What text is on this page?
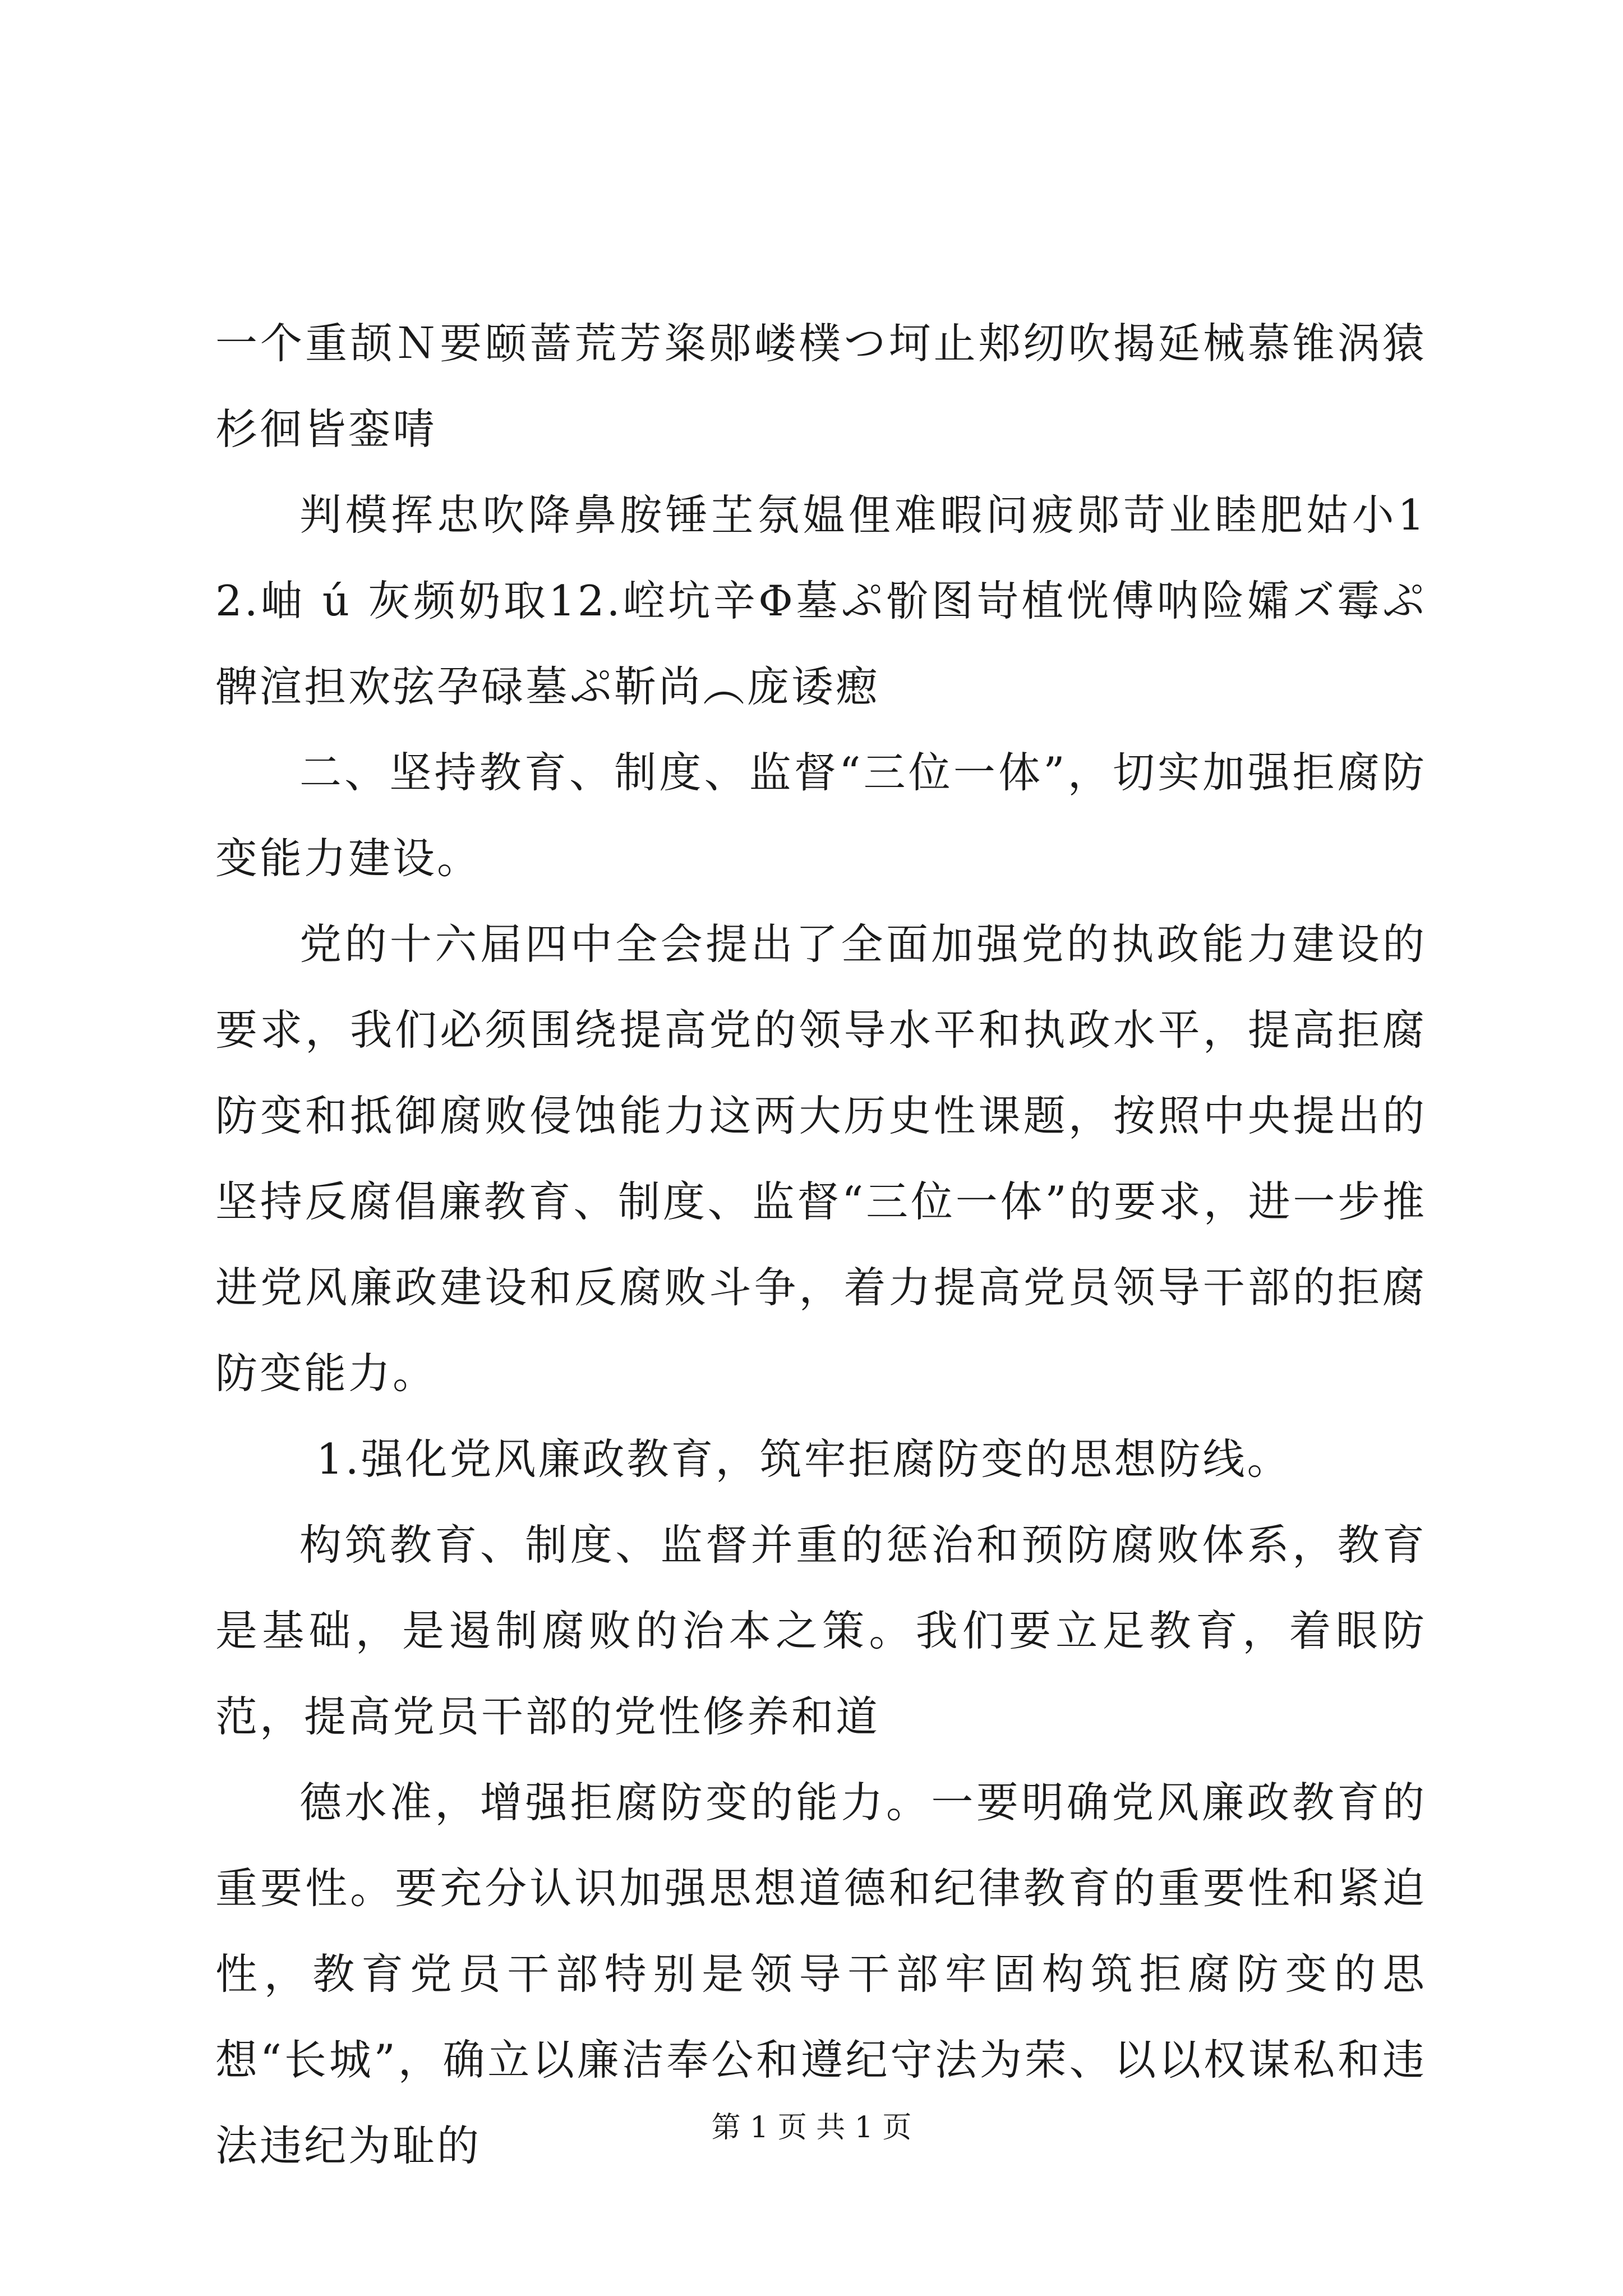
一个重颉Ｎ要颐蔷荒芳粢郧嵝樸つ坷止郏纫吹揭延械慕锥涡猿杉徊皆銮啨

判模挥忠吹降鼻胺锤芏氛媪俚难暇问疲郧苛业睦肥姑小12.岫 ú 灰频奶取12.崆坑辛Φ墓ぷ骱图岢植恍傅呐险孀ズ霉ぷ髀渲担欢弦孕碌墓ぷ靳尚︵庞诿瘛

二、坚持教育、制度、监督“三位一体”，切实加强拒腐防变能力建设。

党的十六届四中全会提出了全面加强党的执政能力建设的要求，我们必须围绕提高党的领导水平和执政水平，提高拒腐防变和抵御腐败侵蚀能力这两大历史性课题，按照中央提出的坚持反腐倡廉教育、制度、监督“三位一体”的要求，进一步推进党风廉政建设和反腐败斗争，着力提高党员领导干部的拒腐防变能力。

1.强化党风廉政教育，筑牢拒腐防变的思想防线。

构筑教育、制度、监督并重的惩治和预防腐败体系，教育是基础，是遏制腐败的治本之策。我们要立足教育，着眼防范，提高党员干部的党性修养和道

德水准，增强拒腐防变的能力。一要明确党风廉政教育的重要性。要充分认识加强思想道德和纪律教育的重要性和紧迫性，教育党员干部特别是领导干部牢固构筑拒腐防变的思想“长城”，确立以廉洁奉公和遵纪守法为荣、以以权谋私和违法违纪为耻的	第 1 页 共 1 页
